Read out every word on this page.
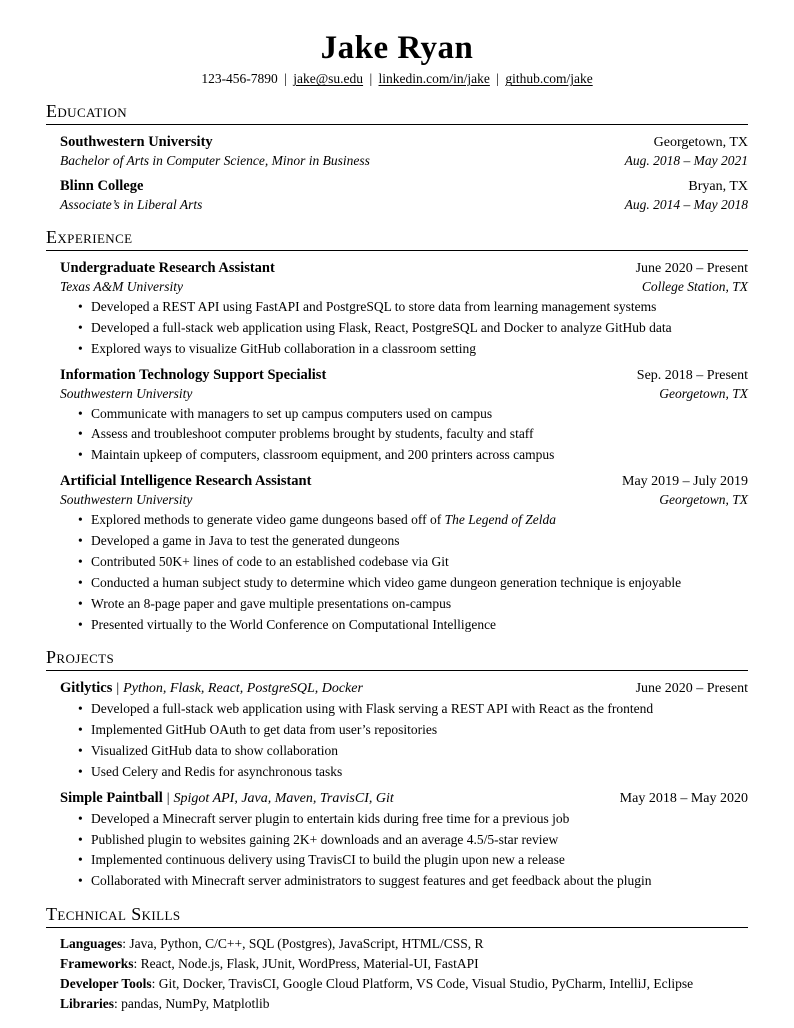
Jake Ryan
123-456-7890 | jake@su.edu | linkedin.com/in/jake | github.com/jake
Education
Southwestern University	Georgetown, TX
Bachelor of Arts in Computer Science, Minor in Business	Aug. 2018 – May 2021
Blinn College	Bryan, TX
Associate’s in Liberal Arts	Aug. 2014 – May 2018
Experience
Undergraduate Research Assistant	June 2020 – Present
Texas A&M University	College Station, TX
• Developed a REST API using FastAPI and PostgreSQL to store data from learning management systems
• Developed a full-stack web application using Flask, React, PostgreSQL and Docker to analyze GitHub data
• Explored ways to visualize GitHub collaboration in a classroom setting
Information Technology Support Specialist	Sep. 2018 – Present
Southwestern University	Georgetown, TX
• Communicate with managers to set up campus computers used on campus
• Assess and troubleshoot computer problems brought by students, faculty and staff
• Maintain upkeep of computers, classroom equipment, and 200 printers across campus
Artificial Intelligence Research Assistant	May 2019 – July 2019
Southwestern University	Georgetown, TX
• Explored methods to generate video game dungeons based off of The Legend of Zelda
• Developed a game in Java to test the generated dungeons
• Contributed 50K+ lines of code to an established codebase via Git
• Conducted a human subject study to determine which video game dungeon generation technique is enjoyable
• Wrote an 8-page paper and gave multiple presentations on-campus
• Presented virtually to the World Conference on Computational Intelligence
Projects
Gitlytics | Python, Flask, React, PostgreSQL, Docker	June 2020 – Present
• Developed a full-stack web application using with Flask serving a REST API with React as the frontend
• Implemented GitHub OAuth to get data from user’s repositories
• Visualized GitHub data to show collaboration
• Used Celery and Redis for asynchronous tasks
Simple Paintball | Spigot API, Java, Maven, TravisCI, Git	May 2018 – May 2020
• Developed a Minecraft server plugin to entertain kids during free time for a previous job
• Published plugin to websites gaining 2K+ downloads and an average 4.5/5-star review
• Implemented continuous delivery using TravisCI to build the plugin upon new a release
• Collaborated with Minecraft server administrators to suggest features and get feedback about the plugin
Technical Skills
Languages: Java, Python, C/C++, SQL (Postgres), JavaScript, HTML/CSS, R
Frameworks: React, Node.js, Flask, JUnit, WordPress, Material-UI, FastAPI
Developer Tools: Git, Docker, TravisCI, Google Cloud Platform, VS Code, Visual Studio, PyCharm, IntelliJ, Eclipse
Libraries: pandas, NumPy, Matplotlib
